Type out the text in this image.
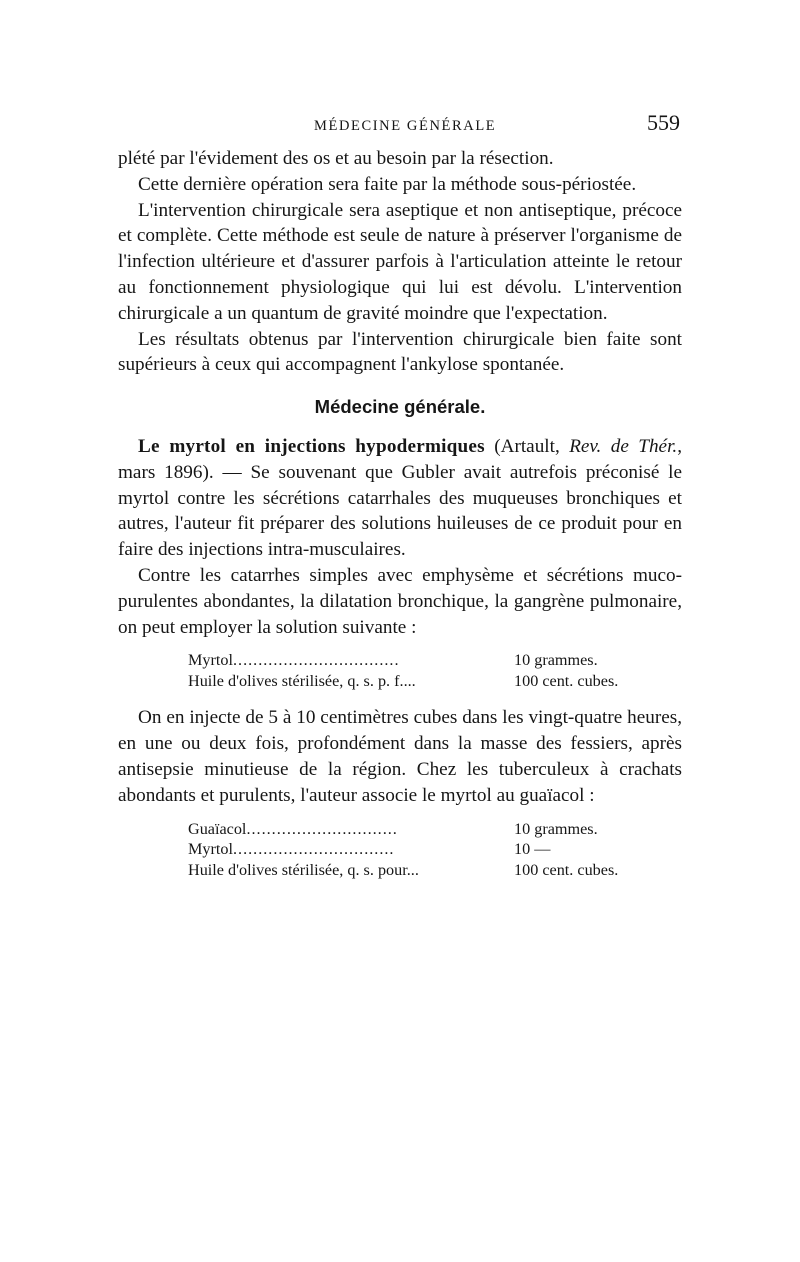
MÉDECINE GÉNÉRALE	559

plété par l'évidement des os et au besoin par la résection.

Cette dernière opération sera faite par la méthode sous-périostée.

L'intervention chirurgicale sera aseptique et non antiseptique, précoce et complète. Cette méthode est seule de nature à préserver l'organisme de l'infection ultérieure et d'assurer parfois à l'articulation atteinte le retour au fonctionnement physiologique qui lui est dévolu. L'intervention chirurgicale a un quantum de gravité moindre que l'expectation.

Les résultats obtenus par l'intervention chirurgicale bien faite sont supérieurs à ceux qui accompagnent l'ankylose spontanée.

Médecine générale.

Le myrtol en injections hypodermiques (Artault, Rev. de Thér., mars 1896). — Se souvenant que Gubler avait autrefois préconisé le myrtol contre les sécrétions catarrhales des muqueuses bronchiques et autres, l'auteur fit préparer des solutions huileuses de ce produit pour en faire des injections intra-musculaires.

Contre les catarrhes simples avec emphysème et sécrétions muco-purulentes abondantes, la dilatation bronchique, la gangrène pulmonaire, on peut employer la solution suivante :

Myrtol.................................	10 grammes.
Huile d'olives stérilisée, q. s. p. f....	100 cent. cubes.

On en injecte de 5 à 10 centimètres cubes dans les vingt-quatre heures, en une ou deux fois, profondément dans la masse des fessiers, après antisepsie minutieuse de la région. Chez les tuberculeux à crachats abondants et purulents, l'auteur associe le myrtol au guaïacol :

Guaïacol..............................	10 grammes.
Myrtol................................	10 —
Huile d'olives stérilisée, q. s. pour...	100 cent. cubes.
